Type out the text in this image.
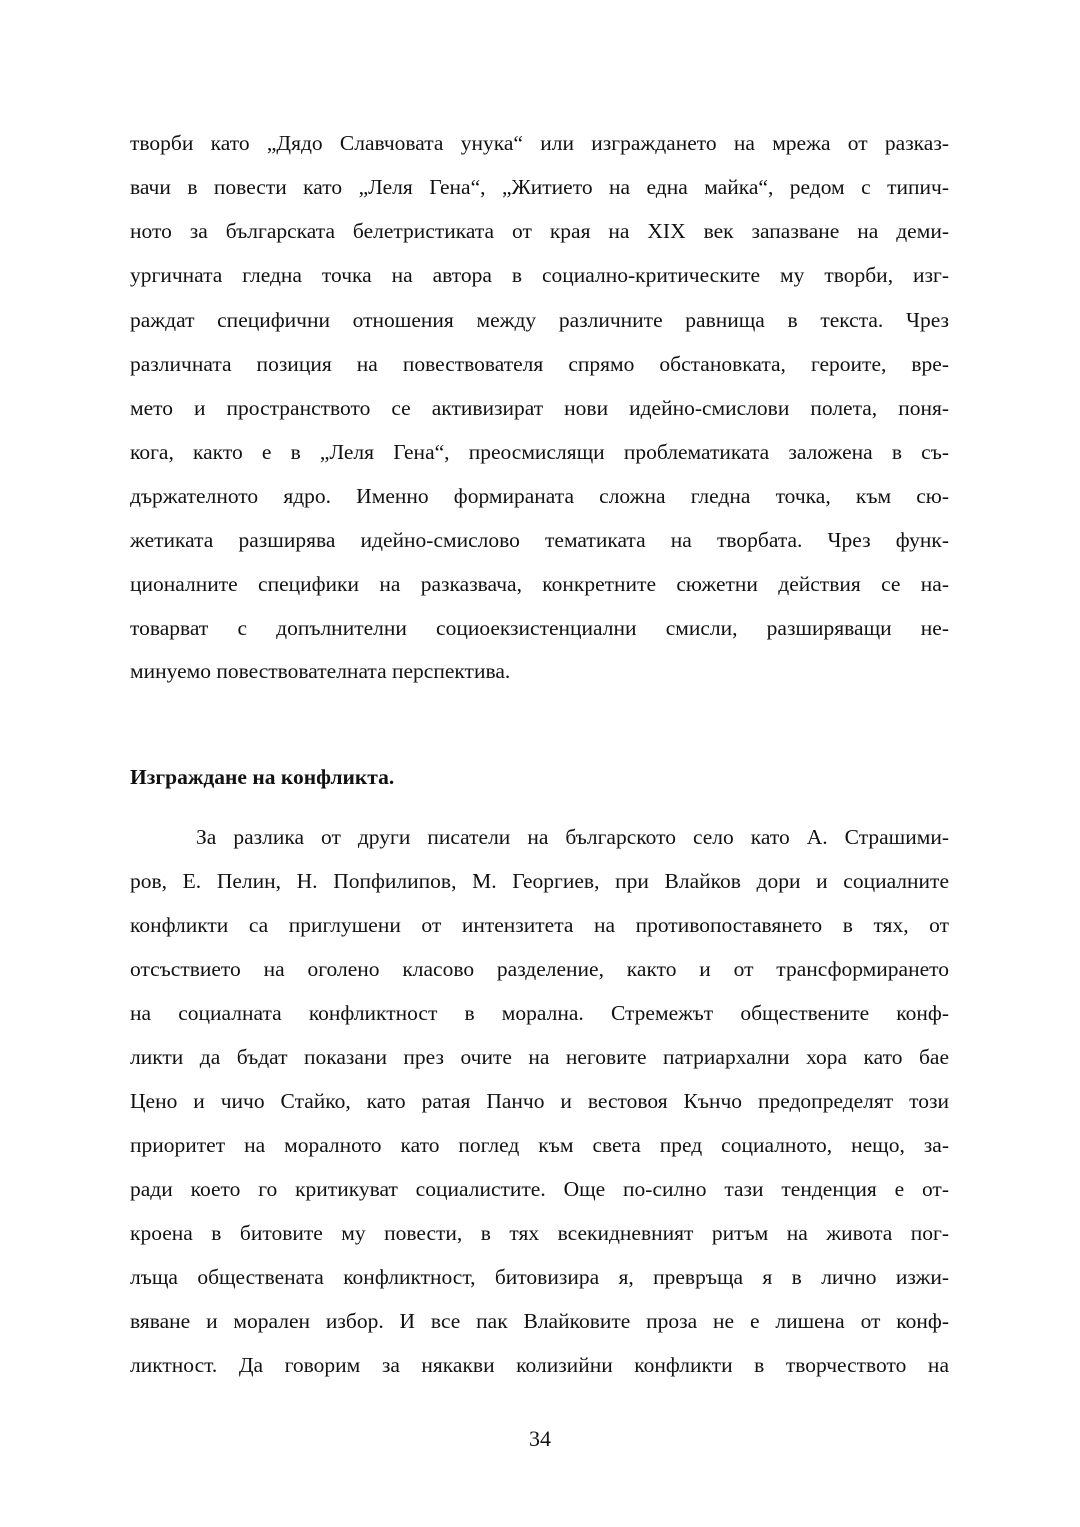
творби като „Дядо Славчовата унука“ или изграждането на мрежа от разказ-

вачи в повести като „Леля Гена“, „Житието на една майка“, редом с типич-

ното за българската белетристиката от края на XIX век запазване на деми-

ургичната гледна точка на автора в социално-критическите му творби, изг-

раждат специфични отношения между различните равнища в текста. Чрез

различната позиция на повествователя спрямо обстановката, героите, вре-

мето и пространството се активизират нови идейно-смислови полета, поня-

кога, както е в „Леля Гена“, преосмислящи проблематиката заложена в съ-

държателното ядро. Именно формираната сложна гледна точка, към сю-

жетиката разширява идейно-смислово тематиката на творбата. Чрез функ-

ционалните специфики на разказвача, конкретните сюжетни действия се на-

товарват с допълнителни социоекзистенциални смисли, разширяващи не-

минуемо повествователната перспектива.

Изграждане на конфликта.

За разлика от други писатели на българското село като А. Страшими-

ров, Е. Пелин, Н. Попфилипов, М. Георгиев, при Влайков дори и социалните

конфликти са приглушени от интензитета на противопоставянето в тях, от

отсъствието на оголено класово разделение, както и от трансформирането

на социалната конфликтност в морална. Стремежът обществените конф-

ликти да бъдат показани през очите на неговите патриархални хора като бае

Цено и чичо Стайко, като ратая Панчо и вестовоя Кънчо предопределят този

приоритет на моралното като поглед към света пред социалното, нещо, за-

ради което го критикуват социалистите. Още по-силно тази тенденция е от-

кроена в битовите му повести, в тях всекидневният ритъм на живота пог-

лъща обществената конфликтност, битовизира я, превръща я в лично изжи-

вяване и морален избор. И все пак Влайковите проза не е лишена от конф-

ликтност. Да говорим за някакви колизийни конфликти в творчеството на

34
